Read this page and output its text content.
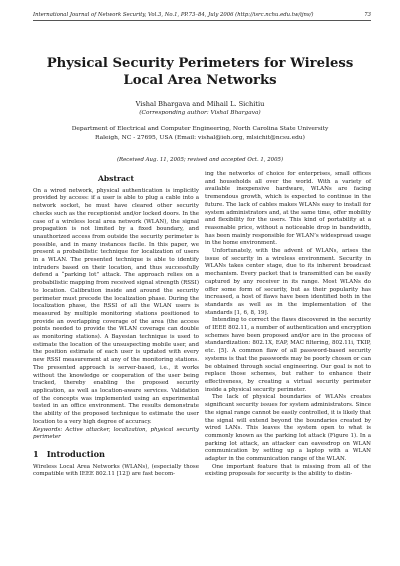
International Journal of Network Security, Vol.3, No.1, PP.73–84, July 2006 (http://isrc.nchu.edu.tw/ijns/)	73
Physical Security Perimeters for Wireless Local Area Networks
Vishal Bhargava and Mihail L. Sichitiu
(Corresponding author: Vishal Bhargava)
Department of Electrical and Computer Engineering, North Carolina State University
Raleigh, NC - 27695, USA (Email: vishal@ieh.org, mlsichit@ncsu.edu)
(Received Aug. 11, 2005; revised and accepted Oct. 1, 2005)
Abstract

On a wired network, physical authentication is implicitly provided by access: if a user is able to plug a cable into a network socket, he must have cleared other security checks such as the receptionist and/or locked doors. In the case of a wireless local area network (WLAN), the signal propagation is not limited by a fixed boundary, and unauthorized access from outside the security perimeter is possible, and in many instances facile. In this paper, we present a probabilistic technique for localization of users in a WLAN. The presented technique is able to identify intruders based on their location, and thus successfully defend a “parking lot” attack. The approach relies on a probabilistic mapping from received signal strength (RSSI) to location. Calibration inside and around the security perimeter must precede the localization phase. During the localization phase, the RSSI of all the WLAN users is measured by multiple monitoring stations positioned to provide an overlapping coverage of the area (the access points needed to provide the WLAN coverage can double as monitoring stations). A Bayesian technique is used to estimate the location of the unsuspecting mobile user, and the position estimate of each user is updated with every new RSSI measurement at any of the monitoring stations. The presented approach is server-based, i.e., it works without the knowledge or cooperation of the user being tracked, thereby enabling the proposed security application, as well as location-aware services. Validation of the concepts was implemented using an experimental tested in an office environment. The results demonstrate the ability of the proposed technique to estimate the user location to a very high degree of accuracy.

Keywords: Active attacker, localization, physical security perimeter

1 Introduction

Wireless Local Area Networks (WLANs), (especially those compatible with IEEE 802.11 [12]) are fast becom-

ing the networks of choice for enterprises, small offices and households all over the world. With a variety of available inexpensive hardware, WLANs are facing tremendous growth, which is expected to continue in the future. The lack of cables makes WLANs easy to install for system administrators and, at the same time, offer mobility and flexibility for the users. This kind of portability at a reasonable price, without a noticeable drop in bandwidth, has been mainly responsible for WLAN’s widespread usage in the home environment.

Unfortunately, with the advent of WLANs, arises the issue of security in a wireless environment. Security in WLANs takes center stage, due to its inherent broadcast mechanism. Every packet that is transmitted can be easily captured by any receiver in its range. Most WLANs do offer some form of security, but as their popularity has increased, a host of flaws have been identified both in the standards as well as in the implementation of the standards [1, 6, 8, 19].

Intending to correct the flaws discovered in the security of IEEE 802.11, a number of authentication and encryption schemes have been proposed and/or are in the process of standardization: 802.1X, EAP, MAC filtering, 802.11i, TKIP, etc. [5]. A common flaw of all password-based security systems is that the passwords may be poorly chosen or can be obtained through social engineering. Our goal is not to replace those schemes, but rather to enhance their effectiveness, by creating a virtual security perimeter inside a physical security perimeter.

The lack of physical boundaries of WLANs creates significant security issues for system administrators. Since the signal range cannot be easily controlled, it is likely that the signal will extend beyond the boundaries created by wired LANs. This leaves the system open to what is commonly known as the parking lot attack (Figure 1). In a parking lot attack, an attacker can eavesdrop on WLAN communication by setting up a laptop with a WLAN adapter in the communication range of the WLAN.

One important feature that is missing from all of the existing proposals for security is the ability to distin-
